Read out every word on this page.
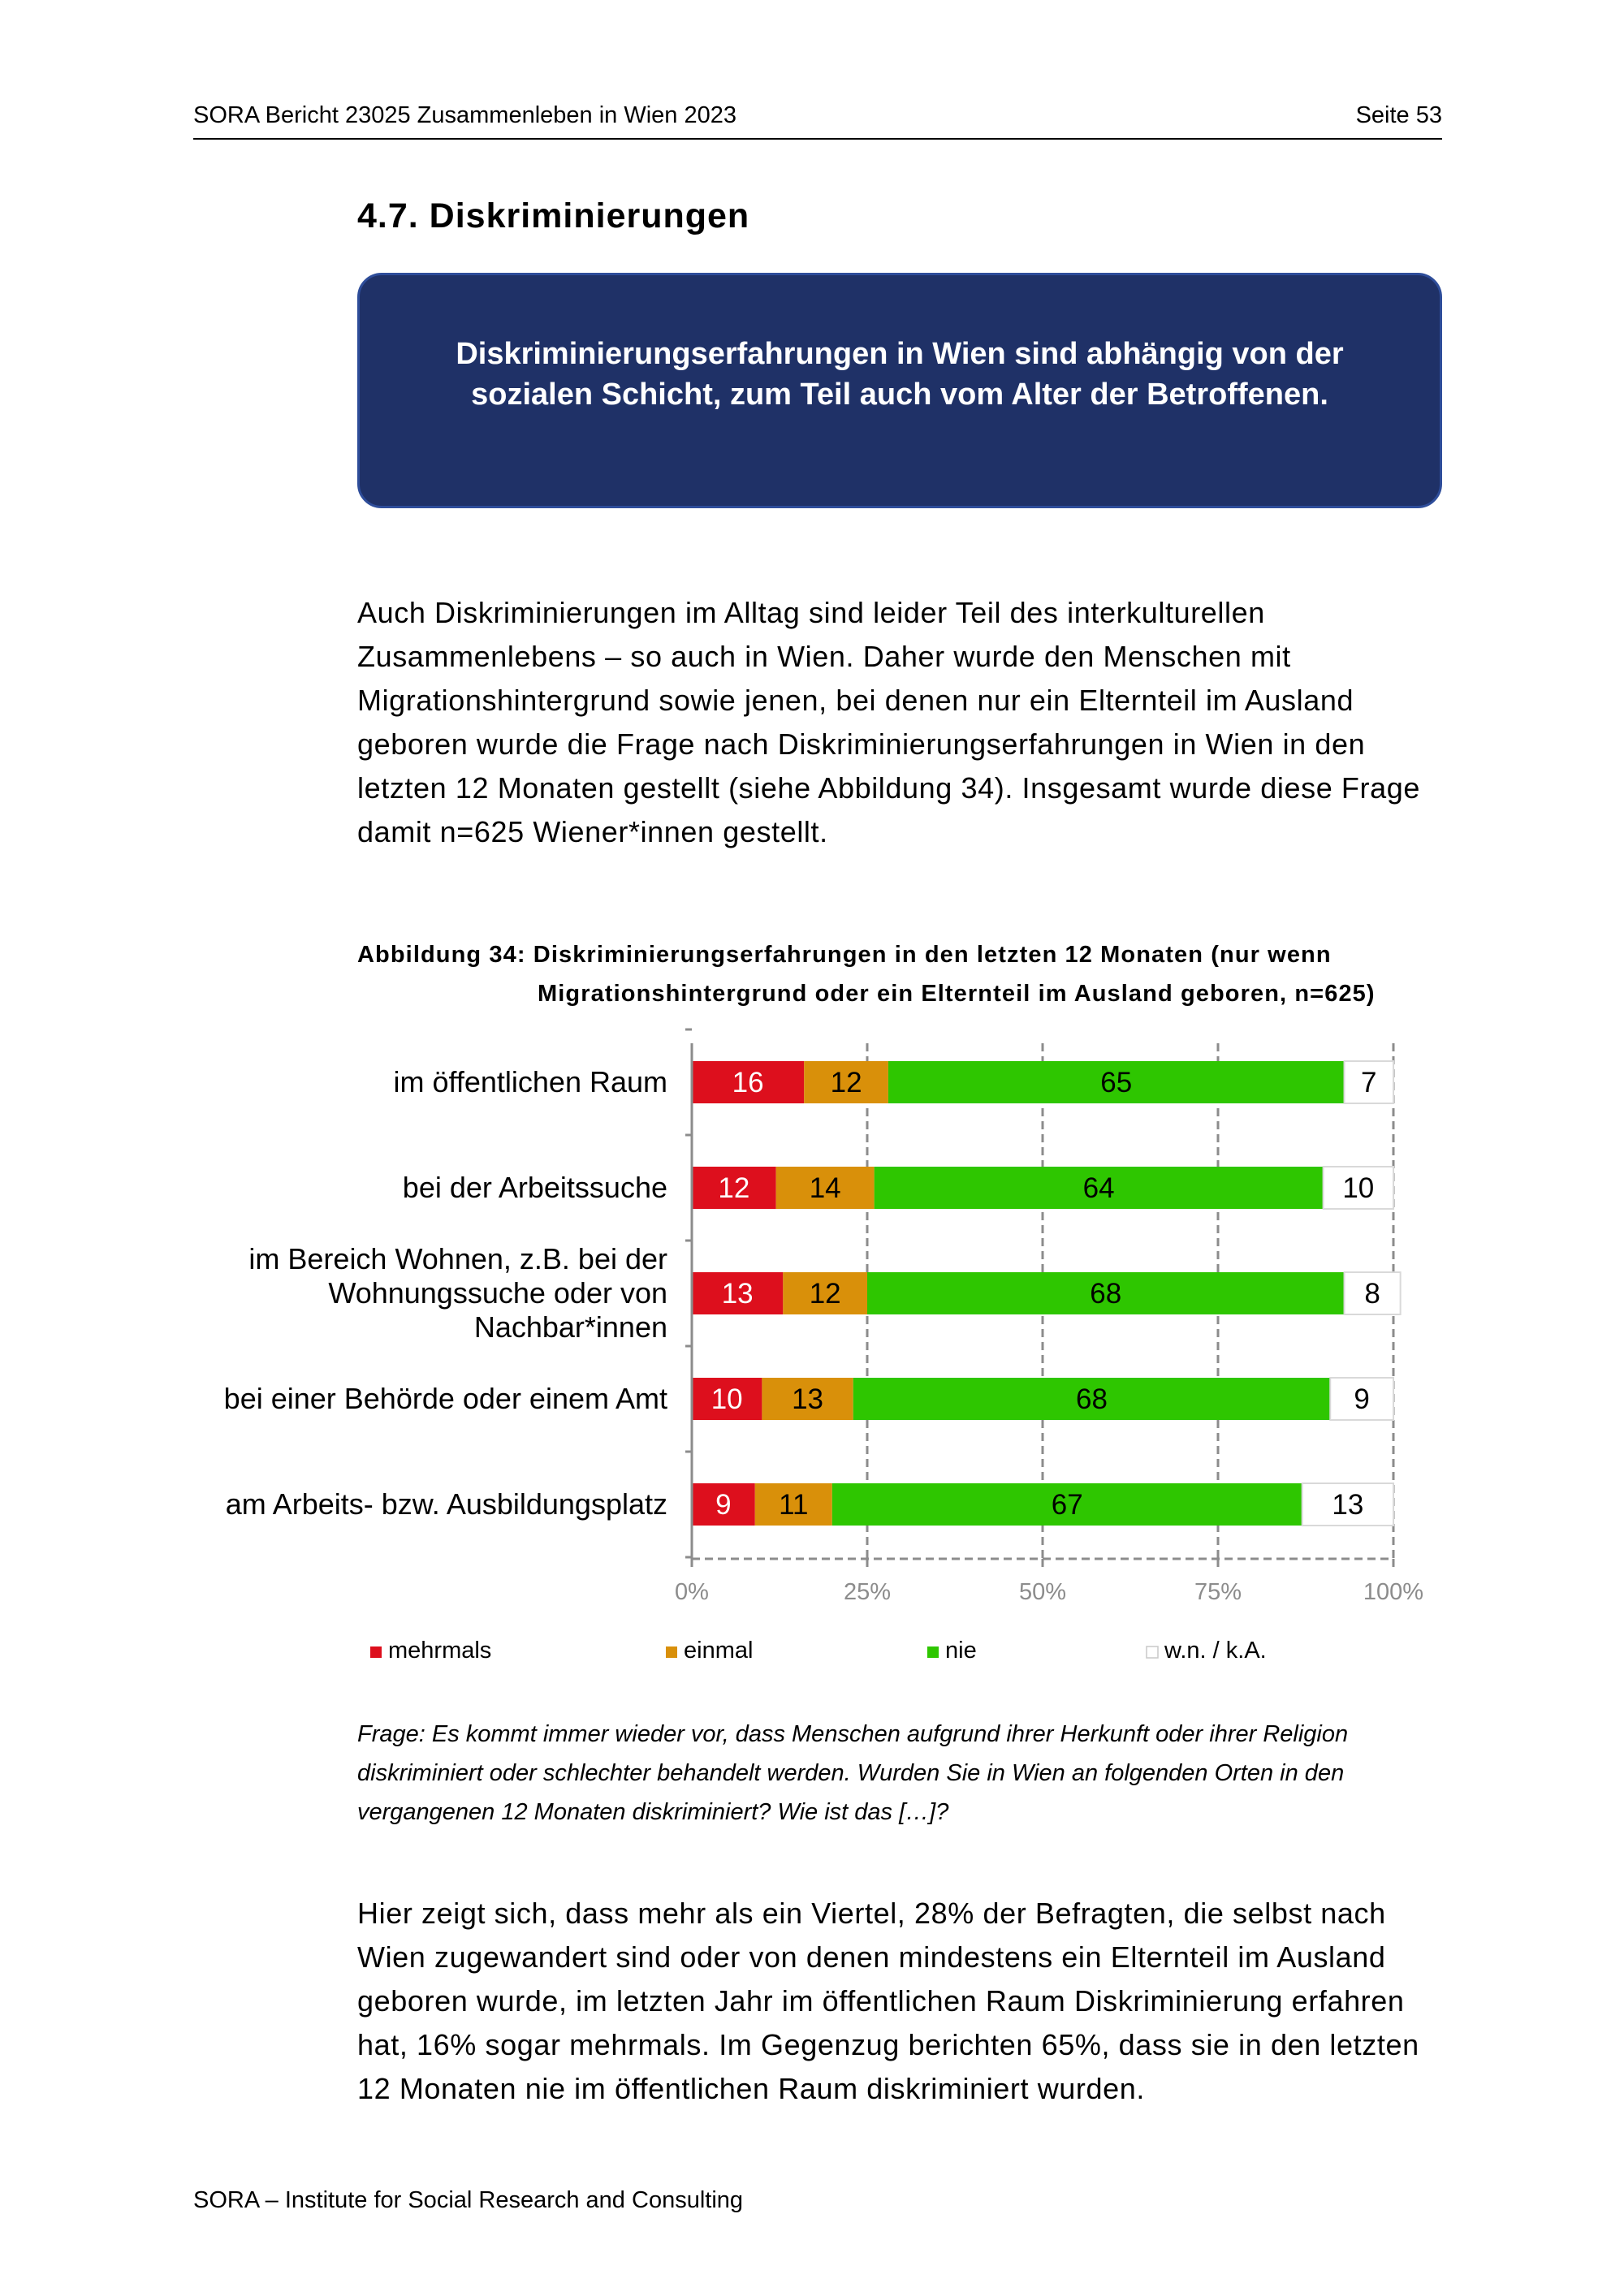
SORA Bericht 23025 Zusammenleben in Wien 2023	Seite 53
4.7. Diskriminierungen
Diskriminierungserfahrungen in Wien sind abhängig von der sozialen Schicht, zum Teil auch vom Alter der Betroffenen.
Auch Diskriminierungen im Alltag sind leider Teil des interkulturellen Zusammenlebens – so auch in Wien. Daher wurde den Menschen mit Migrationshintergrund sowie jenen, bei denen nur ein Elternteil im Ausland geboren wurde die Frage nach Diskriminierungserfahrungen in Wien in den letzten 12 Monaten gestellt (siehe Abbildung 34). Insgesamt wurde diese Frage damit n=625 Wiener*innen gestellt.
Abbildung 34: Diskriminierungserfahrungen in den letzten 12 Monaten (nur wenn
Migrationshintergrund oder ein Elternteil im Ausland geboren, n=625)
16 12	65	7
12 14	64	10
13 12	68	8
10 13	68	9
9 11	67	13
im öffentlichen Raum
bei der Arbeitssuche
im Bereich Wohnen, z.B. bei der
Wohnungssuche oder von
Nachbar*innen
bei einer Behörde oder einem Amt
am Arbeits- bzw. Ausbildungsplatz
0%	25%	50%	75%	100%
mehrmals	einmal	nie	w.n. / k.A.
Frage: Es kommt immer wieder vor, dass Menschen aufgrund ihrer Herkunft oder ihrer Religion diskriminiert oder schlechter behandelt werden. Wurden Sie in Wien an folgenden Orten in den vergangenen 12 Monaten diskriminiert? Wie ist das […]?
Hier zeigt sich, dass mehr als ein Viertel, 28% der Befragten, die selbst nach Wien zugewandert sind oder von denen mindestens ein Elternteil im Ausland geboren wurde, im letzten Jahr im öffentlichen Raum Diskriminierung erfahren hat, 16% sogar mehrmals. Im Gegenzug berichten 65%, dass sie in den letzten 12 Monaten nie im öffentlichen Raum diskriminiert wurden.
SORA – Institute for Social Research and Consulting
